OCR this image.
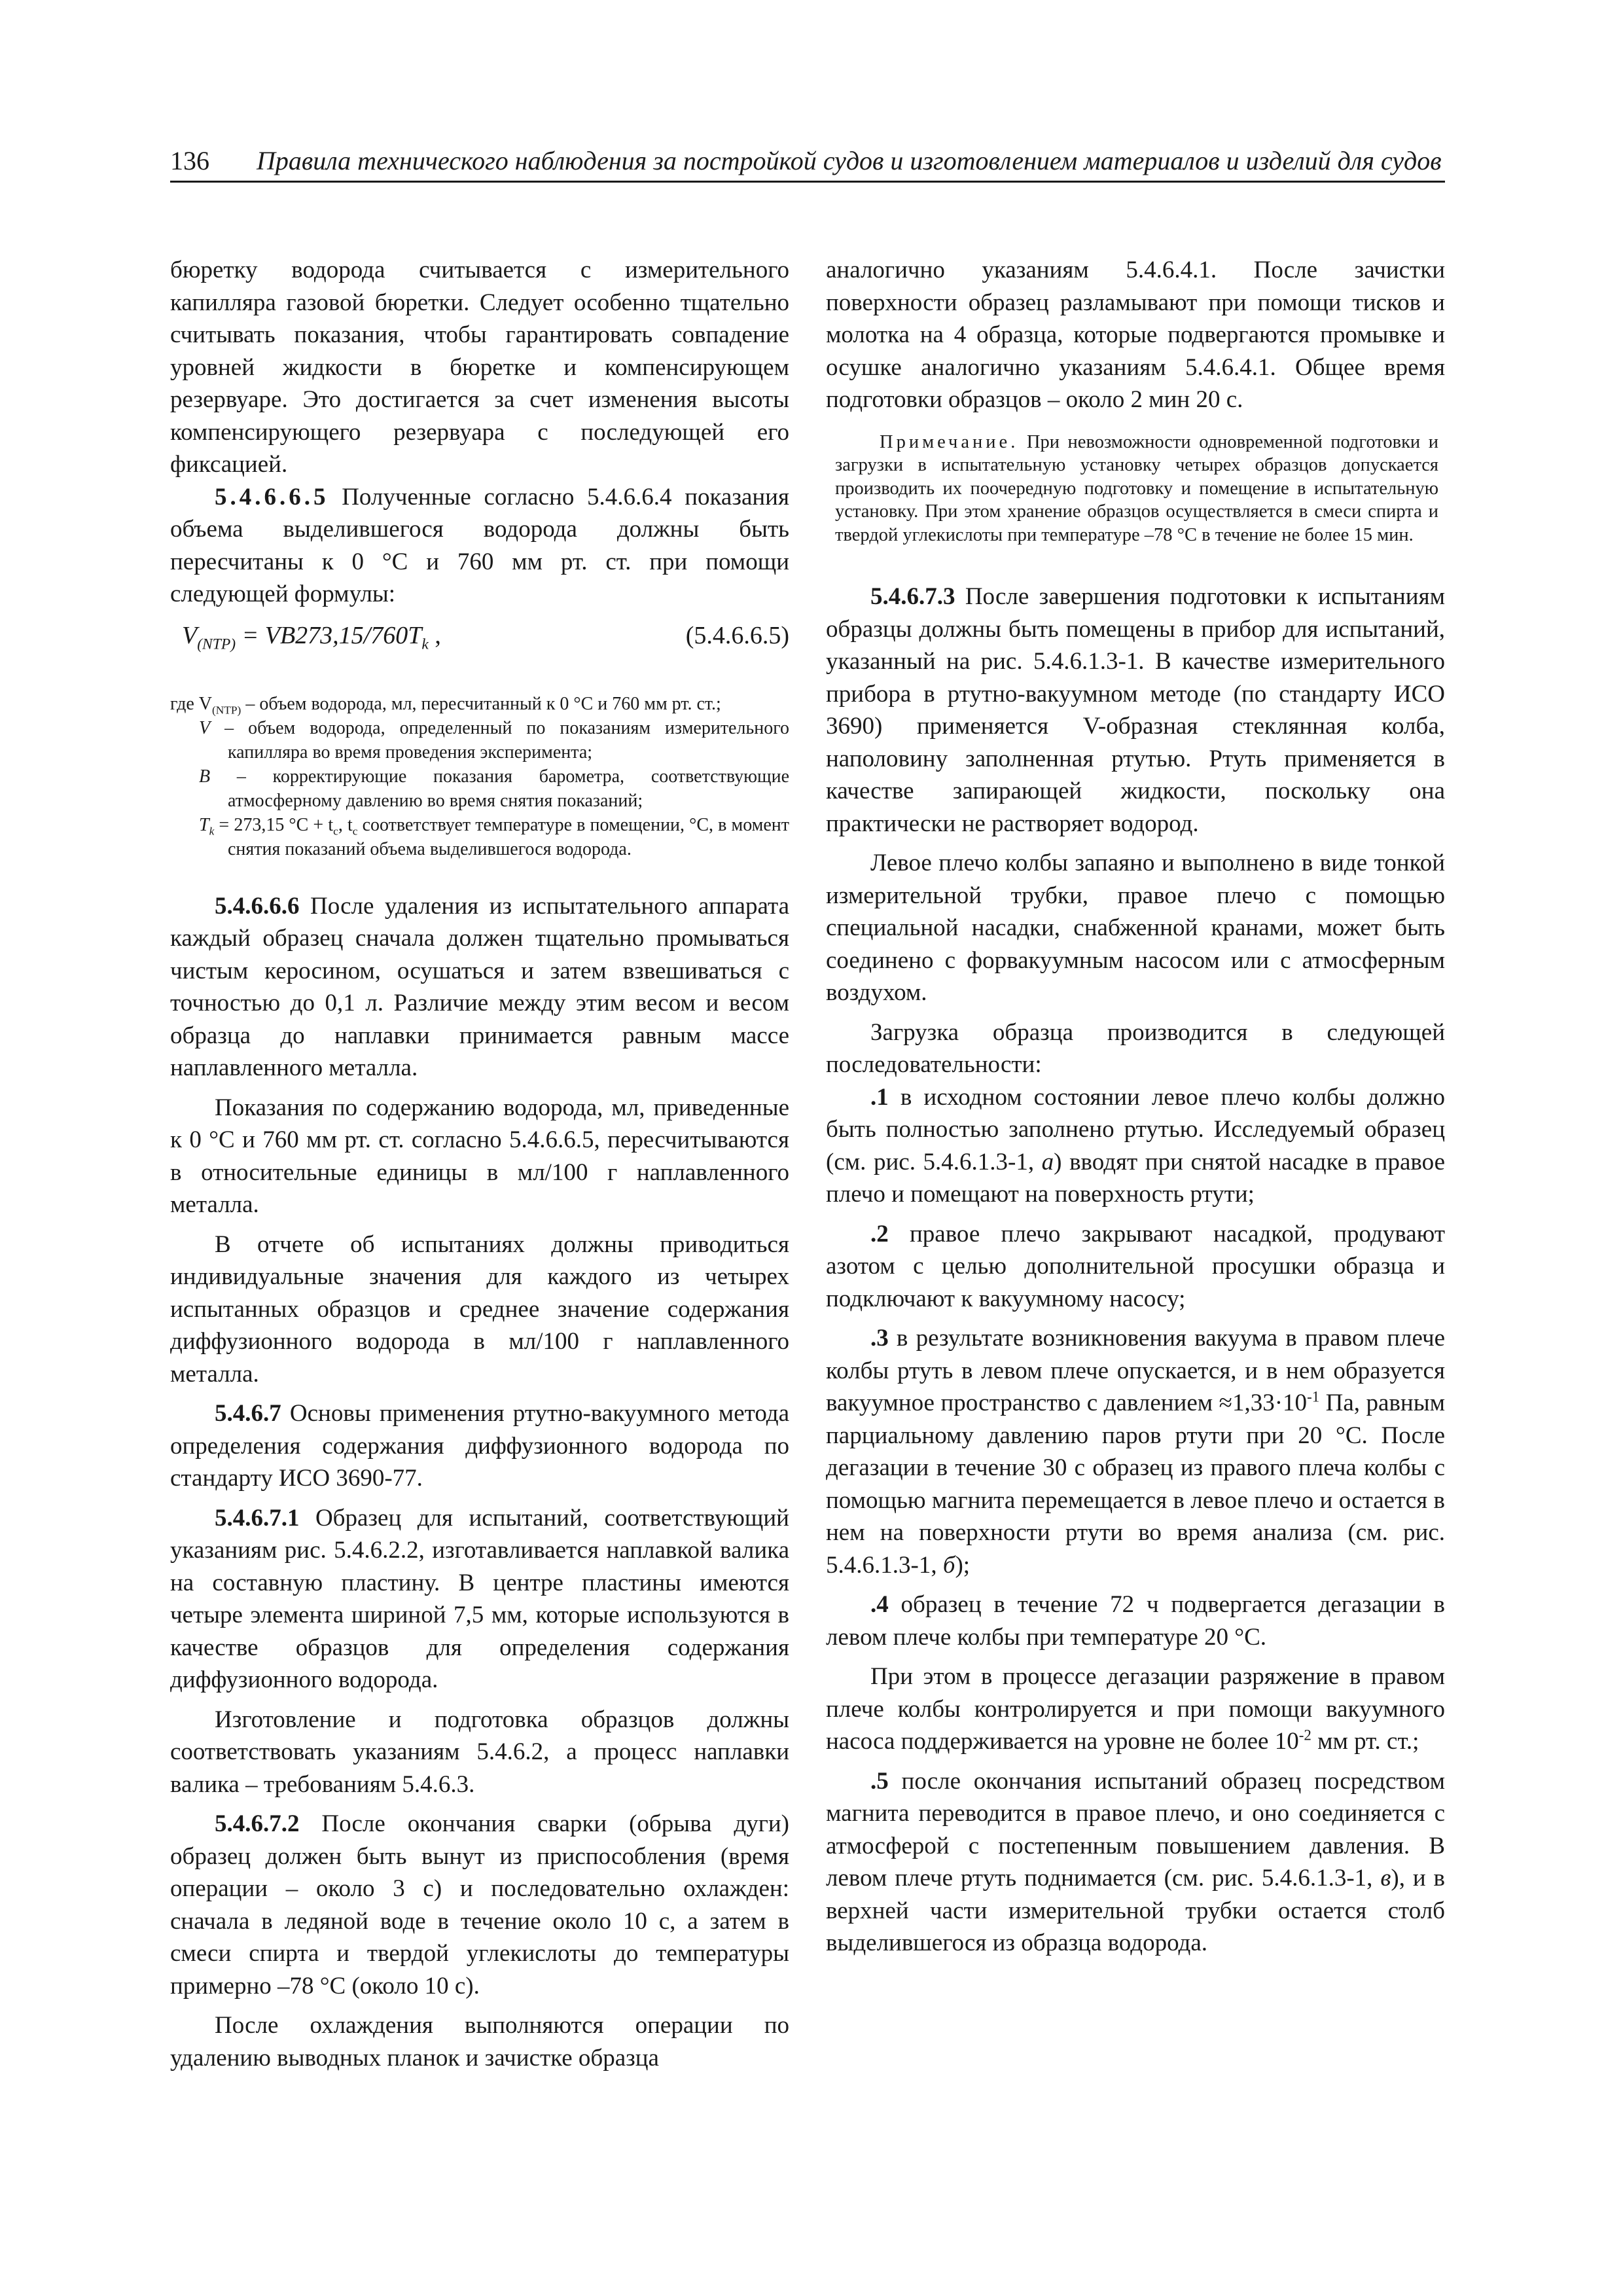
136 Правила технического наблюдения за постройкой судов и изготовлением материалов и изделий для судов

бюретку водорода считывается с измерительного капилляра газовой бюретки. Следует особенно тщательно считывать показания, чтобы гарантировать совпадение уровней жидкости в бюретке и компенсирующем резервуаре. Это достигается за счет изменения высоты компенсирующего резервуара с последующей его фиксацией.

5.4.6.6.5 Полученные согласно 5.4.6.6.4 показания объема выделившегося водорода должны быть пересчитаны к 0 °С и 760 мм рт. ст. при помощи следующей формулы:

$V_{(NTP)} = VB273,15/760T_k$ ,	(5.4.6.6.5)
где $V_{(NTP)}$ – объем водорода, мл, пересчитанный к 0 °С и 760 мм рт. ст.;
V – объем водорода, определенный по показаниям измерительного капилляра во время проведения эксперимента;
B – корректирующие показания барометра, соответствующие атмосферному давлению во время снятия показаний;
$T_k = 273,15$ $^\circ С + t_с$, $t_с$ соответствует температуре в помещении, °С, в момент снятия показаний объема выделившегося водорода.

5.4.6.6.6 После удаления из испытательного аппарата каждый образец сначала должен тщательно промываться чистым керосином, осушаться и затем взвешиваться с точностью до 0,1 л. Различие между этим весом и весом образца до наплавки принимается равным массе наплавленного металла.

Показания по содержанию водорода, мл, приведенные к 0 °С и 760 мм рт. ст. согласно 5.4.6.6.5, пересчитываются в относительные единицы в мл/100 г наплавленного металла.

В отчете об испытаниях должны приводиться индивидуальные значения для каждого из четырех испытанных образцов и среднее значение содержания диффузионного водорода в мл/100 г наплавленного металла.

5.4.6.7 Основы применения ртутно-вакуумного метода определения содержания диффузионного водорода по стандарту ИСО 3690-77.

5.4.6.7.1 Образец для испытаний, соответствующий указаниям рис. 5.4.6.2.2, изготавливается наплавкой валика на составную пластину. В центре пластины имеются четыре элемента шириной 7,5 мм, которые используются в качестве образцов для определения содержания диффузионного водорода.

Изготовление и подготовка образцов должны соответствовать указаниям 5.4.6.2, а процесс наплавки валика – требованиям 5.4.6.3.

5.4.6.7.2 После окончания сварки (обрыва дуги) образец должен быть вынут из приспособления (время операции – около 3 с) и последовательно охлажден: сначала в ледяной воде в течение около 10 с, а затем в смеси спирта и твердой углекислоты до температуры примерно –78 °С (около 10 с).

После охлаждения выполняются операции по удалению выводных планок и зачистке образца

аналогично указаниям 5.4.6.4.1. После зачистки поверхности образец разламывают при помощи тисков и молотка на 4 образца, которые подвергаются промывке и осушке аналогично указаниям 5.4.6.4.1. Общее время подготовки образцов – около 2 мин 20 с.

Примечание. При невозможности одновременной подготовки и загрузки в испытательную установку четырех образцов допускается производить их поочередную подготовку и помещение в испытательную установку. При этом хранение образцов осуществляется в смеси спирта и твердой углекислоты при температуре –78 °С в течение не более 15 мин.

5.4.6.7.3 После завершения подготовки к испытаниям образцы должны быть помещены в прибор для испытаний, указанный на рис. 5.4.6.1.3-1. В качестве измерительного прибора в ртутно-вакуумном методе (по стандарту ИСО 3690) применяется V-образная стеклянная колба, наполовину заполненная ртутью. Ртуть применяется в качестве запирающей жидкости, поскольку она практически не растворяет водород.

Левое плечо колбы запаяно и выполнено в виде тонкой измерительной трубки, правое плечо с помощью специальной насадки, снабженной кранами, может быть соединено с форвакуумным насосом или с атмосферным воздухом.

Загрузка образца производится в следующей последовательности:

.1 в исходном состоянии левое плечо колбы должно быть полностью заполнено ртутью. Исследуемый образец (см. рис. 5.4.6.1.3-1, а) вводят при снятой насадке в правое плечо и помещают на поверхность ртути;

.2 правое плечо закрывают насадкой, продувают азотом с целью дополнительной просушки образца и подключают к вакуумному насосу;

.3 в результате возникновения вакуума в правом плече колбы ртуть в левом плече опускается, и в нем образуется вакуумное пространство с давлением $\approx 1,33\cdot 10^{-1}$ Па, равным парциальному давлению паров ртути при 20 °С. После дегазации в течение 30 с образец из правого плеча колбы с помощью магнита перемещается в левое плечо и остается в нем на поверхности ртути во время анализа (см. рис. 5.4.6.1.3-1, б);

.4 образец в течение 72 ч подвергается дегазации в левом плече колбы при температуре 20 °С.

При этом в процессе дегазации разряжение в правом плече колбы контролируется и при помощи вакуумного насоса поддерживается на уровне не более $10^{-2}$ мм рт. ст.;

.5 после окончания испытаний образец посредством магнита переводится в правое плечо, и оно соединяется с атмосферой с постепенным повышением давления. В левом плече ртуть поднимается (см. рис. 5.4.6.1.3-1, в), и в верхней части измерительной трубки остается столб выделившегося из образца водорода.
